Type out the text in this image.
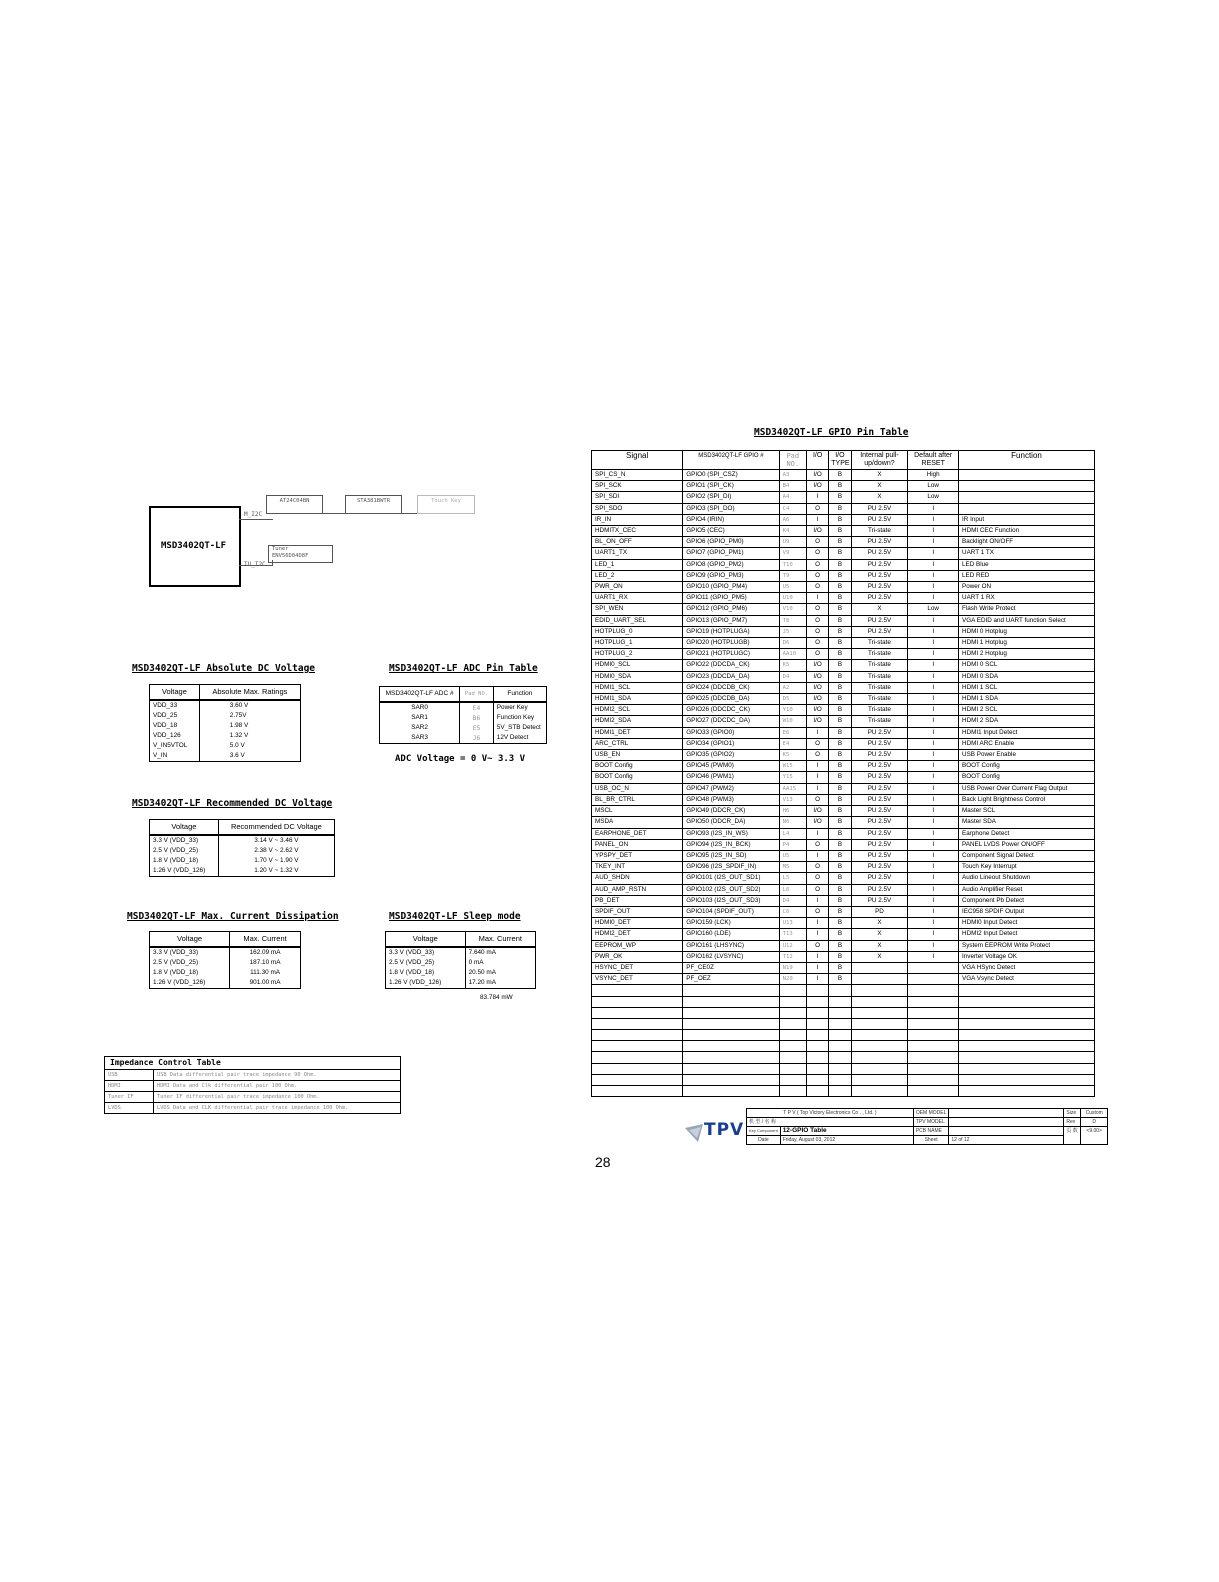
MSD3402QT-LF
M_I2C
AT24C04BN	STA381BWTR	Touch Key
TU_I2C
Tuner
ENV56D04D8F
MSD3402QT-LF Absolute DC Voltage
Voltage	Absolute Max. Ratings
VDD_33	3.60 V
VDD_25	2.75V
VDD_18	1.98 V
VDD_126	1.32 V
V_IN5VTOL	5.0 V
V_IN	3.6 V
MSD3402QT-LF ADC Pin Table
MSD3402QT-LF ADC #	Pad NO.	Function
SAR0	E4	Power Key
SAR1	B6	Function Key
SAR2	E5	5V_STB Detect
SAR3	J6	12V Detect
ADC Voltage = 0 V~ 3.3 V
MSD3402QT-LF Recommended DC Voltage
Voltage	Recommended DC Voltage
3.3 V (VDD_33)	3.14 V ~ 3.46 V
2.5 V (VDD_25)	2.38 V ~ 2.62 V
1.8 V (VDD_18)	1.70 V ~ 1.90 V
1.26 V (VDD_126)	1.20 V ~ 1.32 V
MSD3402QT-LF Max. Current Dissipation
Voltage	Max. Current
3.3 V (VDD_33)	162.09 mA
2.5 V (VDD_25)	187.10 mA
1.8 V (VDD_18)	111.30 mA
1.26 V (VDD_126)	901.00 mA
MSD3402QT-LF Sleep mode
Voltage	Max. Current
3.3 V (VDD_33)	7.640 mA
2.5 V (VDD_25)	0 mA
1.8 V (VDD_18)	20.50 mA
1.26 V (VDD_126)	17.20 mA
83.784 mW
Impedance Control Table	
USB	USB Data differential pair trace impedance 90 Ohm.
HDMI	HDMI Data and Clk differential pair 100 Ohm.
Tuner IF	Tuner IF differential pair trace impedance 100 Ohm.
LVDS	LVDS Data and CLK differential pair trace impedance 100 Ohm.
MSD3402QT-LF GPIO Pin Table
Signal	MSD3402QT-LF GPIO #	Pad NO.	I/O	I/O TYPE	Internal pull-up/down?	Default after RESET	Function
SPI_CS_N	GPIO0 (SPI_CSZ)	A3	I/O	B	X	High	
SPI_SCK	GPIO1 (SPI_CK)	B4	I/O	B	X	Low	
SPI_SDI	GPIO2 (SPI_DI)	A4	I	B	X	Low	
SPI_SDO	GPIO3 (SPI_DO)	C4	O	B	PU 2.5V	I	
IR_IN	GPIO4 (IRIN)	A6	I	B	PU 2.5V	I	IR Input
HDMITX_CEC	GPIO5 (CEC)	K4	I/O	B	Tri-state	I	HDMI CEC Function
BL_ON_OFF	GPIO6 (GPIO_PM0)	U9	O	B	PU 2.5V	I	Backlight ON/OFF
UART1_TX	GPIO7 (GPIO_PM1)	V9	O	B	PU 2.5V	I	UART 1 TX
LED_1	GPIO8 (GPIO_PM2)	T10	O	B	PU 2.5V	I	LED Blue
LED_2	GPIO9 (GPIO_PM3)	T9	O	B	PU 2.5V	I	LED RED
PWR_ON	GPIO10 (GPIO_PM4)	U5	O	B	PU 2.5V	I	Power ON
UART1_RX	GPIO11 (GPIO_PM5)	U10	I	B	PU 2.5V	I	UART 1 RX
SPI_WEN	GPIO12 (GPIO_PM6)	V10	O	B	X	Low	Flash Write Protect
EDID_UART_SEL	GPIO13 (GPIO_PM7)	T8	O	B	PU 2.5V	I	VGA EDID and UART function Select
HOTPLUG_0	GPIO19 (HOTPLUGA)	J5	O	B	PU 2.5V	I	HDMI 0 Hotplug
HOTPLUG_1	GPIO20 (HOTPLUGB)	D6	O	B	Tri-state	I	HDMI 1 Hotplug
HOTPLUG_2	GPIO21 (HOTPLUGC)	AA10	O	B	Tri-state	I	HDMI 2 Hotplug
HDMI0_SCL	GPIO22 (DDCDA_CK)	K5	I/O	B	Tri-state	I	HDMI 0 SCL
HDMI0_SDA	GPIO23 (DDCDA_DA)	D4	I/O	B	Tri-state	I	HDMI 0 SDA
HDMI1_SCL	GPIO24 (DDCDB_CK)	A2	I/O	B	Tri-state	I	HDMI 1 SCL
HDMI1_SDA	GPIO25 (DDCDB_DA)	D5	I/O	B	Tri-state	I	HDMI 1 SDA
HDMI2_SCL	GPIO26 (DDCDC_CK)	Y10	I/O	B	Tri-state	I	HDMI 2 SCL
HDMI2_SDA	GPIO27 (DDCDC_DA)	W10	I/O	B	Tri-state	I	HDMI 2 SDA
HDMI1_DET	GPIO33 (GPIO0)	E6	I	B	PU 2.5V	I	HDMI1 Input Detect
ARC_CTRL	GPIO34 (GPIO1)	E4	O	B	PU 2.5V	I	HDMI ARC Enable
USB_EN	GPIO35 (GPIO2)	K5	O	B	PU 2.5V	I	USB Power Enable
BOOT Config	GPIO45 (PWM0)	W15	I	B	PU 2.5V	I	BOOT Config
BOOT Config	GPIO46 (PWM1)	Y15	I	B	PU 2.5V	I	BOOT Config
USB_OC_N	GPIO47 (PWM2)	AA15	I	B	PU 2.5V	I	USB Power Over Current Flag Output
BL_BR_CTRL	GPIO48 (PWM3)	V13	O	B	PU 2.5V	I	Back Light Brightness Control
MSCL	GPIO49 (DDCR_CK)	H6	I/O	B	PU 2.5V	I	Master SCL
MSDA	GPIO50 (DDCR_DA)	N6	I/O	B	PU 2.5V	I	Master SDA
EARPHONE_DET	GPIO93 (I2S_IN_WS)	L4	I	B	PU 2.5V	I	Earphone Detect
PANEL_ON	GPIO94 (I2S_IN_BCK)	P4	O	B	PU 2.5V	I	PANEL LVDS Power ON/OFF
YPSPY_DET	GPIO95 (I2S_IN_SD)	U5	I	B	PU 2.5V	I	Component Signal Detect
TKEY_INT	GPIO96 (I2S_SPDIF_IN)	M5	O	B	PU 2.5V	I	Touch Key Interrupt
AUD_SHDN	GPIO101 (I2S_OUT_SD1)	L5	O	B	PU 2.5V	I	Audio Lineout Shutdown
AUD_AMP_RSTN	GPIO102 (I2S_OUT_SD2)	L6	O	B	PU 2.5V	I	Audio Amplifier Reset
PB_DET	GPIO103 (I2S_OUT_SD3)	D4	I	B	PU 2.5V	I	Component Pb Detect
SPDIF_OUT	GPIO104 (SPDIF_OUT)	C6	O	B	PD	I	IEC958 SPDIF Output
HDMI0_DET	GPIO159 (LCK)	U13	I	B	X	I	HDMI0 Input Detect
HDMI2_DET	GPIO160 (LDE)	T13	I	B	X	I	HDMI2 Input Detect
EEPROM_WP	GPIO161 (LHSYNC)	U12	O	B	X	I	System EEPROM Write Protect
PWR_OK	GPIO162 (LVSYNC)	T12	I	B	X	I	Inverter Voltage OK
HSYNC_DET	PF_CE0Z	N19	I	B			VGA HSync Detect
VSYNC_DET	PF_OEZ	N20	I	B			VGA Vsync Detect

28
TPV
T P V ( Top Victory Electronics Co . , Ltd. )		OEM MODEL		Size	Custom
机 型 / 名 称		TPV MODEL		Rev	D
Key Component	12-GPIO Table	PCB NAME		页 数	<9.00>
Date	Friday, August 03, 2012	Sheet	12 of 12		
